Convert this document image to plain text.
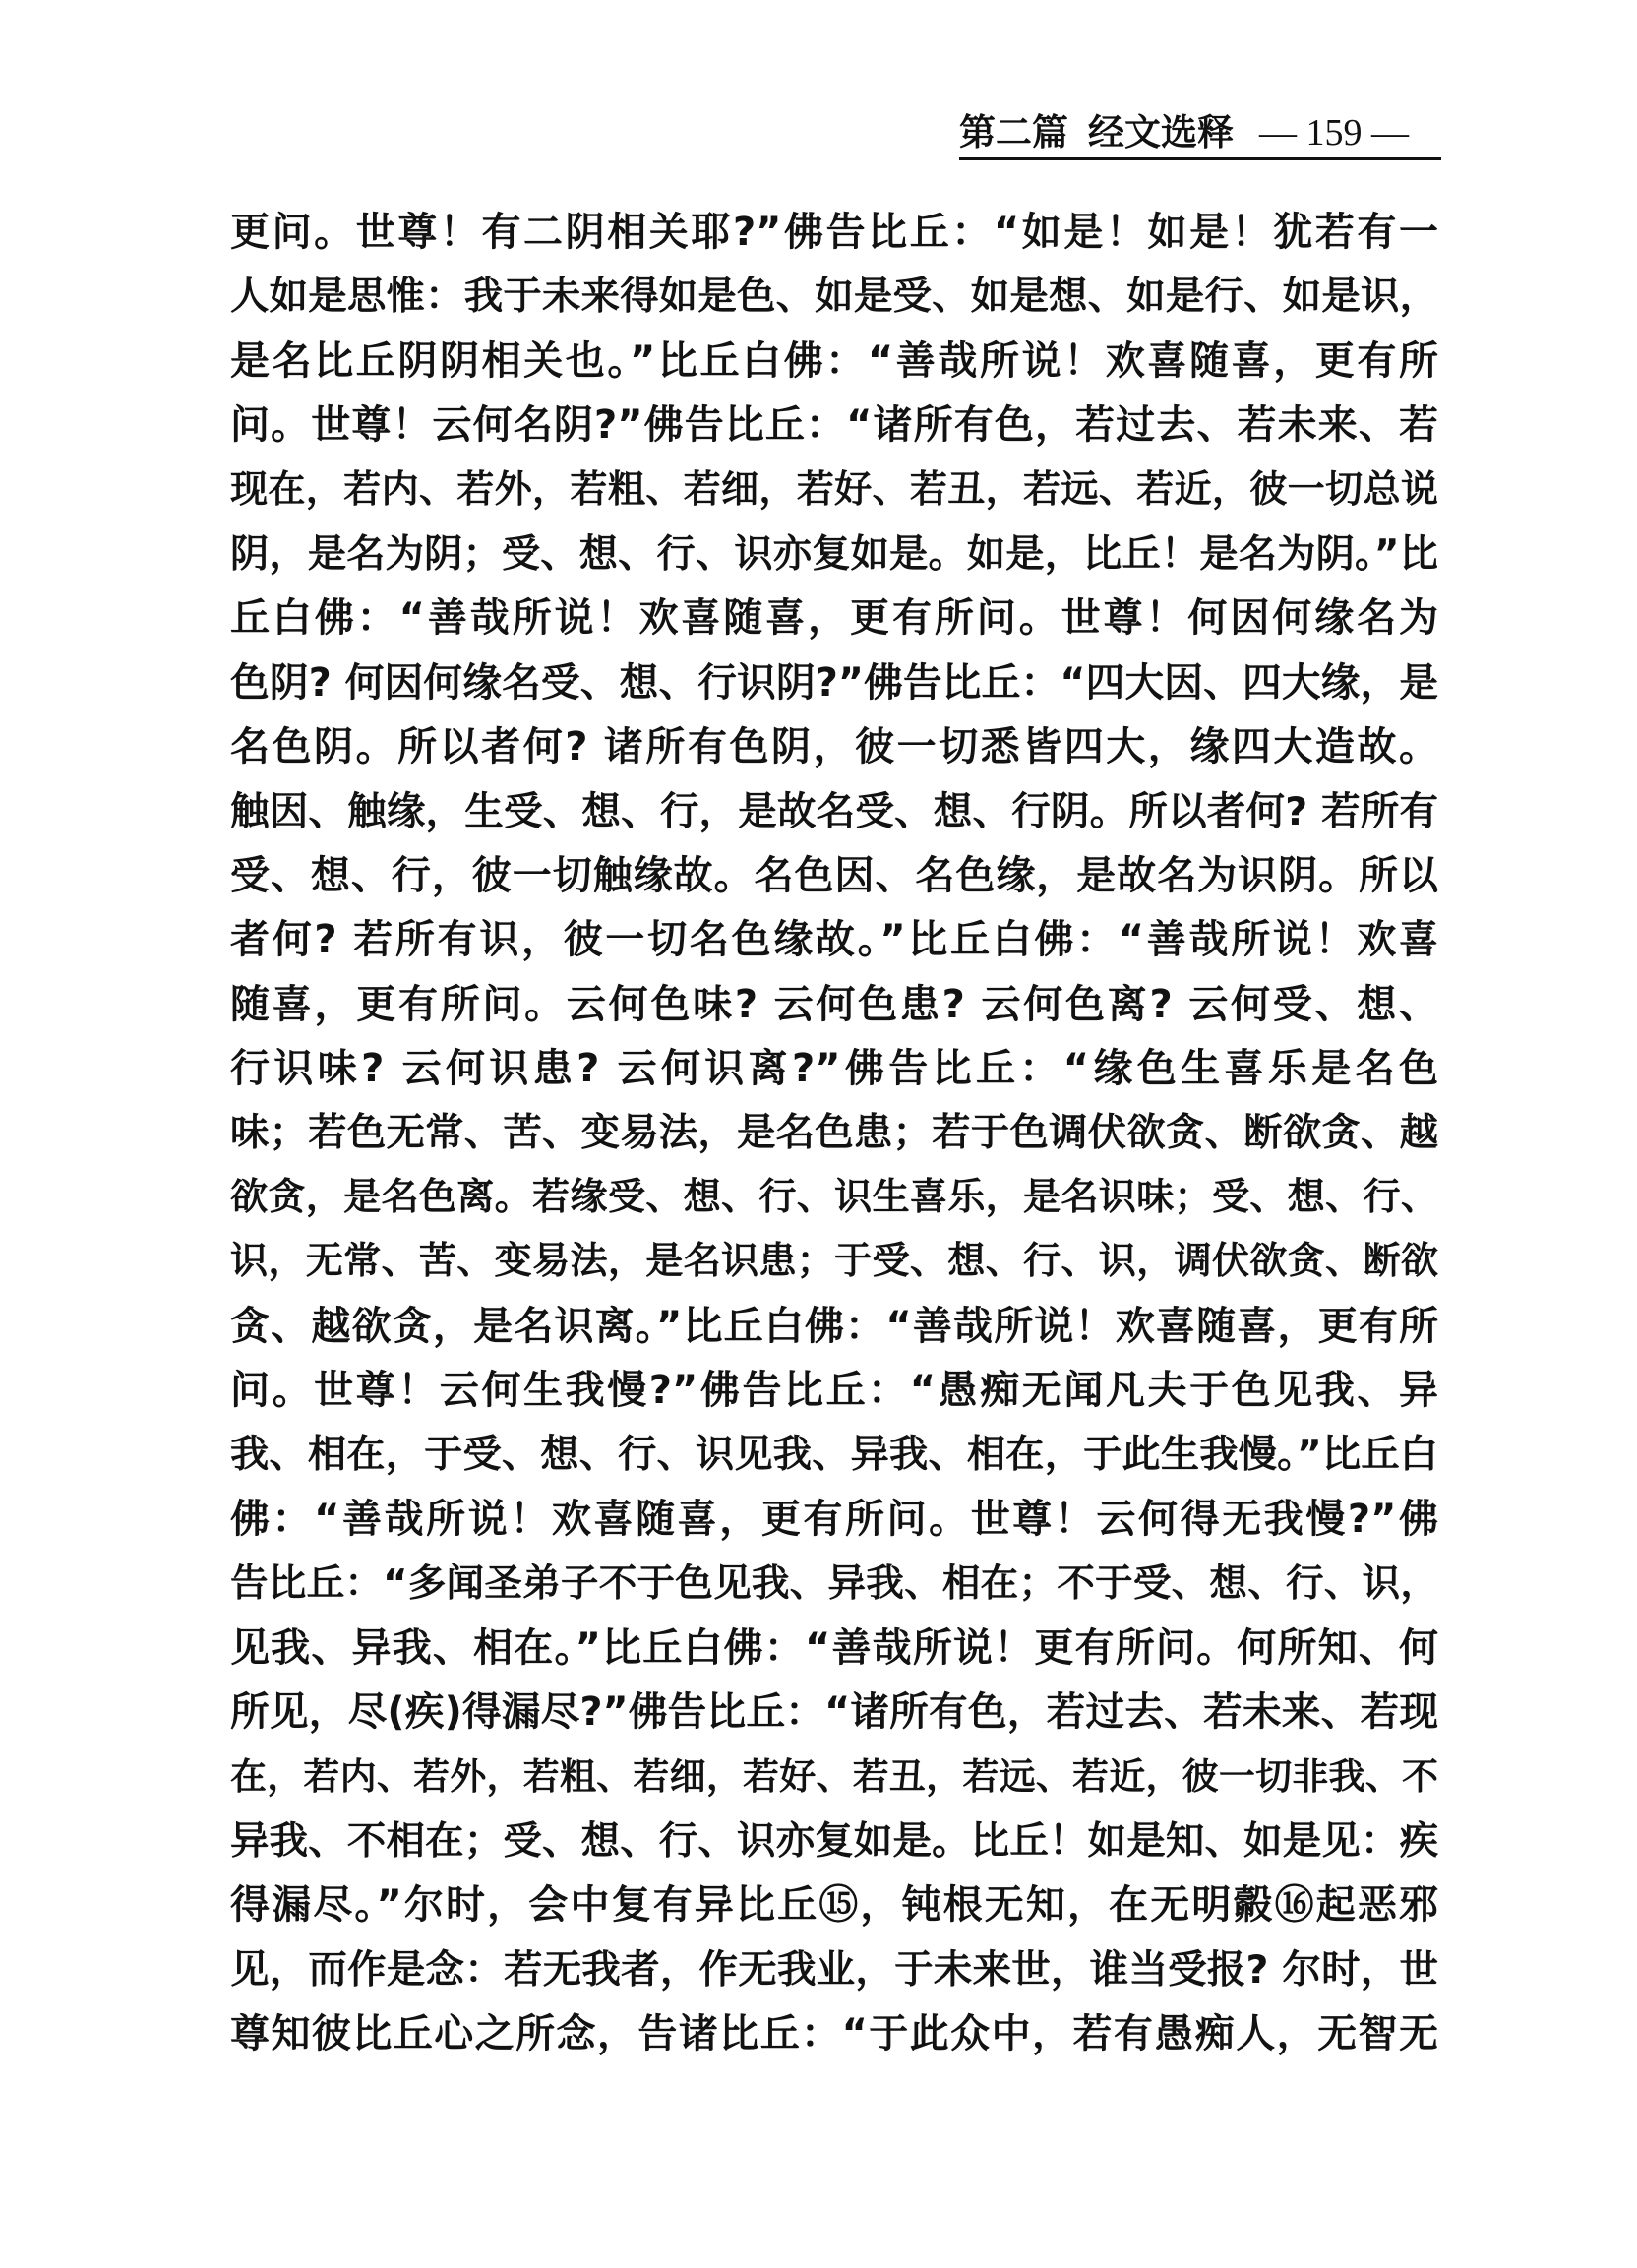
第二篇 经文选释 — 159 —
更问。世尊！有二阴相关耶?”佛告比丘：“如是！如是！犹若有一
人如是思惟：我于未来得如是色、如是受、如是想、如是行、如是识，
是名比丘阴阴相关也。”比丘白佛：“善哉所说！欢喜随喜，更有所
问。世尊！云何名阴?”佛告比丘：“诸所有色，若过去、若未来、若
现在，若内、若外，若粗、若细，若好、若丑，若远、若近，彼一切总说
阴，是名为阴；受、想、行、识亦复如是。如是，比丘！是名为阴。”比
丘白佛：“善哉所说！欢喜随喜，更有所问。世尊！何因何缘名为
色阴? 何因何缘名受、想、行识阴?”佛告比丘：“四大因、四大缘，是
名色阴。所以者何? 诸所有色阴，彼一切悉皆四大，缘四大造故。
触因、触缘，生受、想、行，是故名受、想、行阴。所以者何? 若所有
受、想、行，彼一切触缘故。名色因、名色缘，是故名为识阴。所以
者何? 若所有识，彼一切名色缘故。”比丘白佛：“善哉所说！欢喜
随喜，更有所问。云何色味? 云何色患? 云何色离? 云何受、想、
行识味? 云何识患? 云何识离?”佛告比丘：“缘色生喜乐是名色
味；若色无常、苦、变易法，是名色患；若于色调伏欲贪、断欲贪、越
欲贪，是名色离。若缘受、想、行、识生喜乐，是名识味；受、想、行、
识，无常、苦、变易法，是名识患；于受、想、行、识，调伏欲贪、断欲
贪、越欲贪，是名识离。”比丘白佛：“善哉所说！欢喜随喜，更有所
问。世尊！云何生我慢?”佛告比丘：“愚痴无闻凡夫于色见我、异
我、相在，于受、想、行、识见我、异我、相在，于此生我慢。”比丘白
佛：“善哉所说！欢喜随喜，更有所问。世尊！云何得无我慢?”佛
告比丘：“多闻圣弟子不于色见我、异我、相在；不于受、想、行、识，
见我、异我、相在。”比丘白佛：“善哉所说！更有所问。何所知、何
所见，尽(疾)得漏尽?”佛告比丘：“诸所有色，若过去、若未来、若现
在，若内、若外，若粗、若细，若好、若丑，若远、若近，彼一切非我、不
异我、不相在；受、想、行、识亦复如是。比丘！如是知、如是见：疾
得漏尽。”尔时，会中复有异比丘⑮，钝根无知，在无明㲉⑯起恶邪
见，而作是念：若无我者，作无我业，于未来世，谁当受报? 尔时，世
尊知彼比丘心之所念，告诸比丘：“于此众中，若有愚痴人，无智无
